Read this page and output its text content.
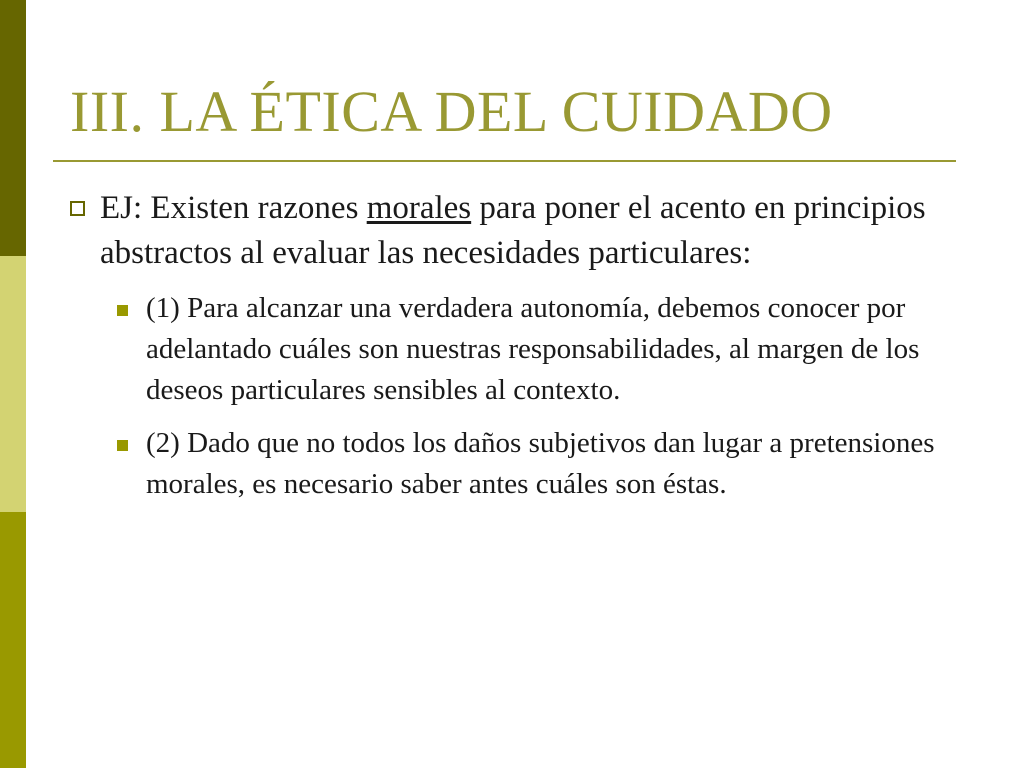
III. LA ÉTICA DEL CUIDADO
EJ: Existen razones morales para poner el acento en principios abstractos al evaluar las necesidades particulares:
(1) Para alcanzar una verdadera autonomía, debemos conocer por adelantado cuáles son nuestras responsabilidades, al margen de los deseos particulares sensibles al contexto.
(2) Dado que no todos los daños subjetivos dan lugar a pretensiones morales, es necesario saber antes cuáles son éstas.
